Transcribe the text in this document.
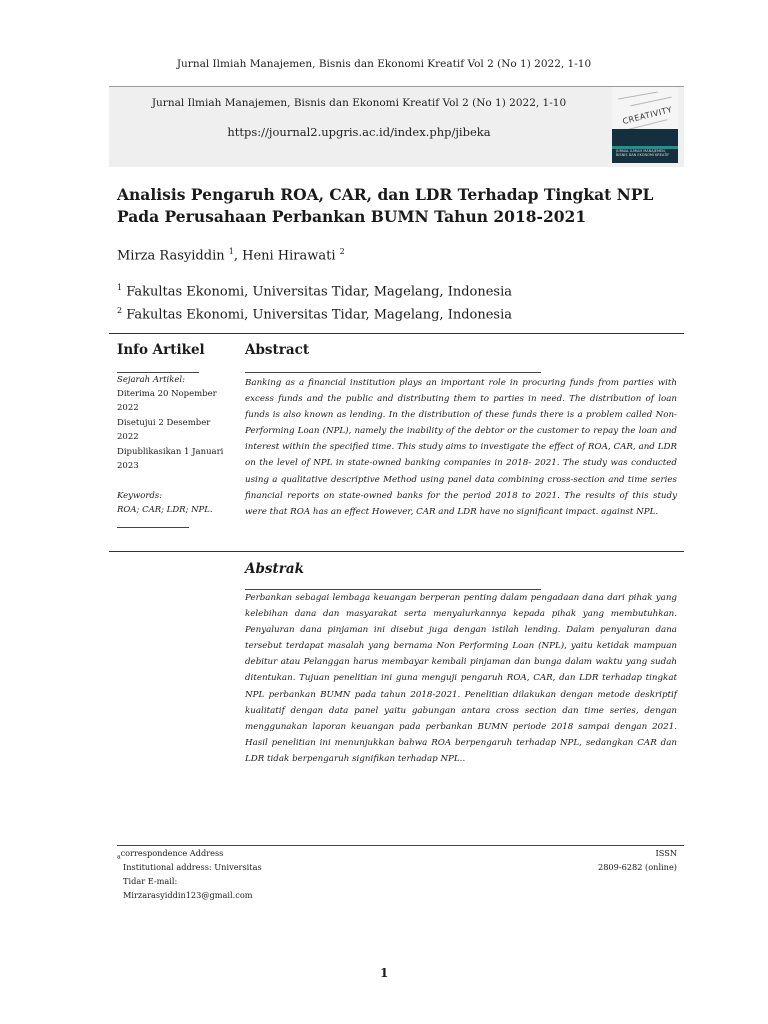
Jurnal Ilmiah Manajemen, Bisnis dan Ekonomi Kreatif Vol 2 (No 1) 2022, 1-10
Jurnal Ilmiah Manajemen, Bisnis dan Ekonomi Kreatif Vol 2 (No 1) 2022, 1-10
https://journal2.upgris.ac.id/index.php/jibeka
CREATIVITY
JURNAL ILMIAH MANAJEMEN, BISNIS DAN EKONOMI KREATIF
Analisis Pengaruh ROA, CAR, dan LDR Terhadap Tingkat NPL Pada Perusahaan Perbankan BUMN Tahun 2018-2021
Mirza Rasyiddin $^1$, Heni Hirawati $^2$
$^1$ Fakultas Ekonomi, Universitas Tidar, Magelang, Indonesia
$^2$ Fakultas Ekonomi, Universitas Tidar, Magelang, Indonesia
Info Artikel
Sejarah Artikel:
Diterima 20 Nopember 2022
Disetujui 2 Desember 2022
Dipublikasikan 1 Januari 2023
Keywords:
ROA; CAR; LDR; NPL.
Abstract
Banking as a financial institution plays an important role in procuring funds from parties with excess funds and the public and distributing them to parties in need. The distribution of loan funds is also known as lending. In the distribution of these funds there is a problem called Non-Performing Loan (NPL), namely the inability of the debtor or the customer to repay the loan and interest within the specified time. This study aims to investigate the effect of ROA, CAR, and LDR on the level of NPL in state-owned banking companies in 2018- 2021. The study was conducted using a qualitative descriptive Method using panel data combining cross-section and time series financial reports on state-owned banks for the period 2018 to 2021. The results of this study were that ROA has an effect However, CAR and LDR have no significant impact. against NPL.
Abstrak
Perbankan sebagai lembaga keuangan berperan penting dalam pengadaan dana dari pihak yang kelebihan dana dan masyarakat serta menyalurkannya kepada pihak yang membutuhkan. Penyaluran dana pinjaman ini disebut juga dengan istilah lending. Dalam penyaluran dana tersebut terdapat masalah yang bernama Non Performing Loan (NPL), yaitu ketidak mampuan debitur atau Pelanggan harus membayar kembali pinjaman dan bunga dalam waktu yang sudah ditentukan. Tujuan penelitian ini guna menguji pengaruh ROA, CAR, dan LDR terhadap tingkat NPL perbankan BUMN pada tahun 2018-2021. Penelitian dilakukan dengan metode deskriptif kualitatif dengan data panel yaitu gabungan antara cross section dan time series, dengan menggunakan laporan keuangan pada perbankan BUMN periode 2018 sampai dengan 2021. Hasil penelitian ini menunjukkan bahwa ROA berpengaruh terhadap NPL, sedangkan CAR dan LDR tidak berpengaruh signifikan terhadap NPL..
$_a$correspondence Address
Institutional address: Universitas
Tidar E-mail:
Mirzarasyiddin123@gmail.com
ISSN
2809-6282 (online)
1
